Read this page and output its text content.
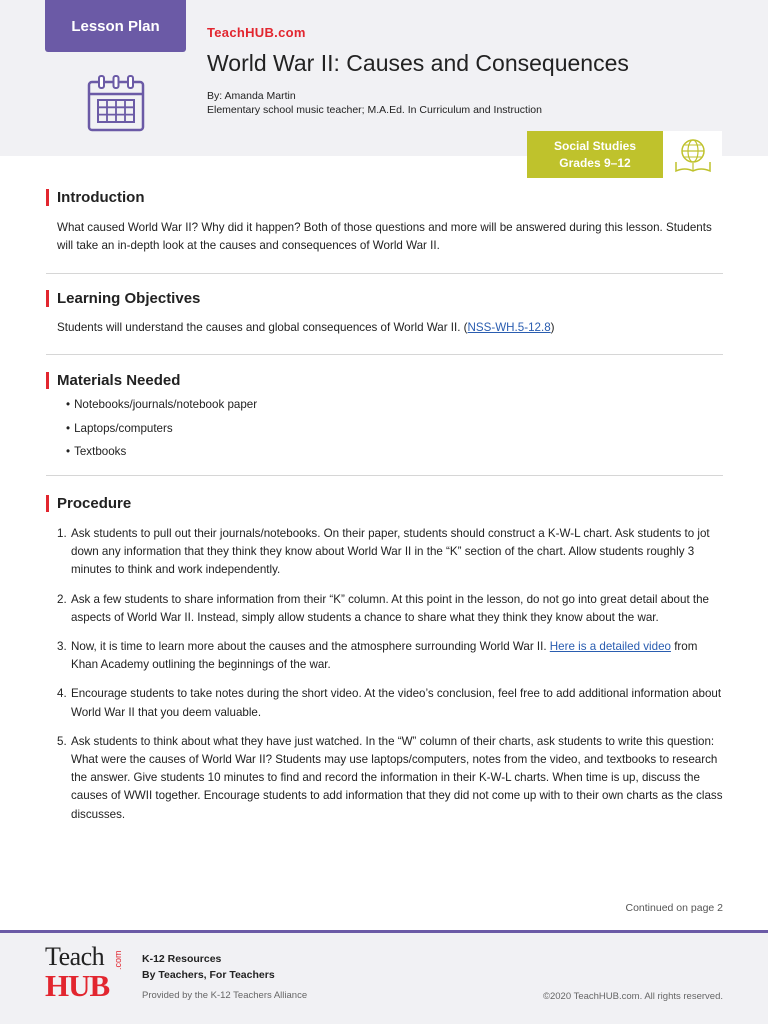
Lesson Plan	TeachHUB.com
World War II: Causes and Consequences
By: Amanda Martin
Elementary school music teacher; M.A.Ed. In Curriculum and Instruction
Social Studies
Grades 9–12
Introduction
What caused World War II? Why did it happen? Both of those questions and more will be answered during this lesson. Students will take an in-depth look at the causes and consequences of World War II.
Learning Objectives
Students will understand the causes and global consequences of World War II. (NSS-WH.5-12.8)
Materials Needed
• Notebooks/journals/notebook paper
• Laptops/computers
• Textbooks
Procedure
1. Ask students to pull out their journals/notebooks. On their paper, students should construct a K-W-L chart. Ask students to jot down any information that they think they know about World War II in the “K” section of the chart. Allow students roughly 3 minutes to think and work independently.
2. Ask a few students to share information from their “K” column. At this point in the lesson, do not go into great detail about the aspects of World War II. Instead, simply allow students a chance to share what they think they know about the war.
3. Now, it is time to learn more about the causes and the atmosphere surrounding World War II. Here is a detailed video from Khan Academy outlining the beginnings of the war.
4. Encourage students to take notes during the short video. At the video’s conclusion, feel free to add additional information about World War II that you deem valuable.
5. Ask students to think about what they have just watched. In the “W” column of their charts, ask students to write this question: What were the causes of World War II? Students may use laptops/computers, notes from the video, and textbooks to research the answer. Give students 10 minutes to find and record the information in their K-W-L charts. When time is up, discuss the causes of WWII together. Encourage students to add information that they did not come up with to their own charts as the class discusses.
Continued on page 2
Teach
HUB
.com K-12 Resources
By Teachers, For Teachers
Provided by the K-12 Teachers Alliance	©2020 TeachHUB.com. All rights reserved.
